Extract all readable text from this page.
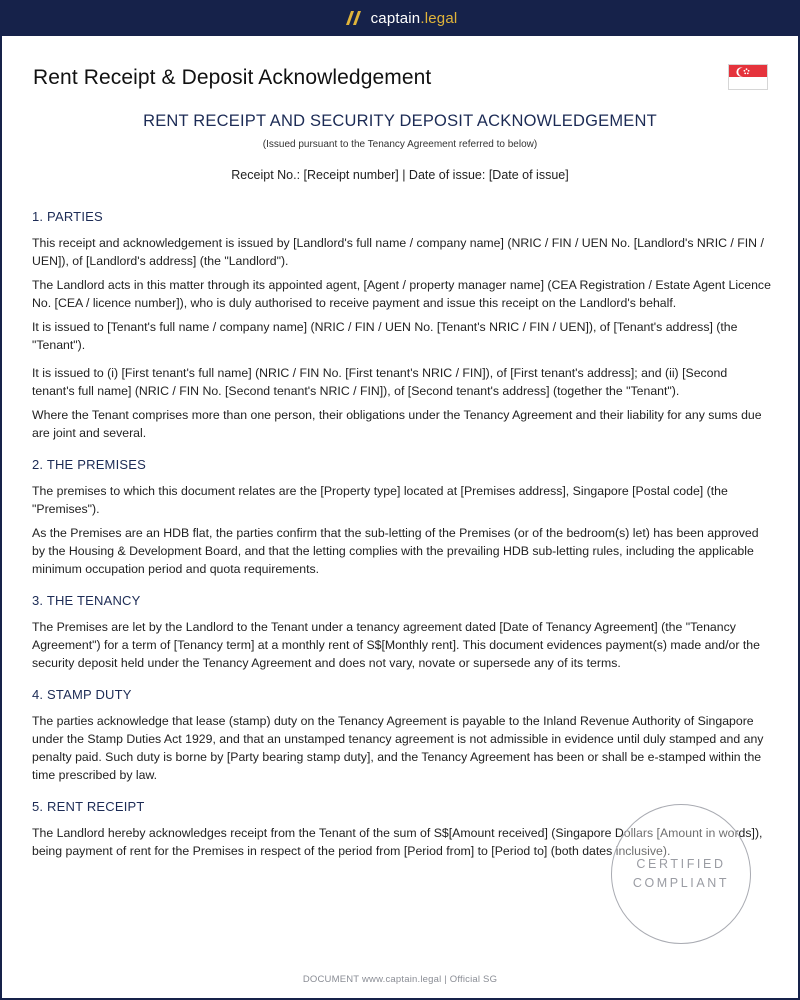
captain.legal
Rent Receipt & Deposit Acknowledgement
RENT RECEIPT AND SECURITY DEPOSIT ACKNOWLEDGEMENT
(Issued pursuant to the Tenancy Agreement referred to below)
Receipt No.: [Receipt number] | Date of issue: [Date of issue]
1. PARTIES

This receipt and acknowledgement is issued by [Landlord's full name / company name] (NRIC / FIN / UEN No. [Landlord's NRIC / FIN / UEN]), of [Landlord's address] (the "Landlord").

The Landlord acts in this matter through its appointed agent, [Agent / property manager name] (CEA Registration / Estate Agent Licence No. [CEA / licence number]), who is duly authorised to receive payment and issue this receipt on the Landlord's behalf.

It is issued to [Tenant's full name / company name] (NRIC / FIN / UEN No. [Tenant's NRIC / FIN / UEN]), of [Tenant's address] (the "Tenant").

It is issued to (i) [First tenant's full name] (NRIC / FIN No. [First tenant's NRIC / FIN]), of [First tenant's address]; and (ii) [Second tenant's full name] (NRIC / FIN No. [Second tenant's NRIC / FIN]), of [Second tenant's address] (together the "Tenant").

Where the Tenant comprises more than one person, their obligations under the Tenancy Agreement and their liability for any sums due are joint and several.

2. THE PREMISES

The premises to which this document relates are the [Property type] located at [Premises address], Singapore [Postal code] (the "Premises").

As the Premises are an HDB flat, the parties confirm that the sub-letting of the Premises (or of the bedroom(s) let) has been approved by the Housing & Development Board, and that the letting complies with the prevailing HDB sub-letting rules, including the applicable minimum occupation period and quota requirements.

3. THE TENANCY

The Premises are let by the Landlord to the Tenant under a tenancy agreement dated [Date of Tenancy Agreement] (the "Tenancy Agreement") for a term of [Tenancy term] at a monthly rent of S$[Monthly rent]. This document evidences payment(s) made and/or the security deposit held under the Tenancy Agreement and does not vary, novate or supersede any of its terms.

4. STAMP DUTY

The parties acknowledge that lease (stamp) duty on the Tenancy Agreement is payable to the Inland Revenue Authority of Singapore under the Stamp Duties Act 1929, and that an unstamped tenancy agreement is not admissible in evidence until duly stamped and any penalty paid. Such duty is borne by [Party bearing stamp duty], and the Tenancy Agreement has been or shall be e-stamped within the time prescribed by law.

5. RENT RECEIPT

The Landlord hereby acknowledges receipt from the Tenant of the sum of S$[Amount received] (Singapore Dollars [Amount in words]), being payment of rent for the Premises in respect of the period from [Period from] to [Period to] (both dates inclusive).

CERTIFIED
COMPLIANT
DOCUMENT www.captain.legal | Official SG
